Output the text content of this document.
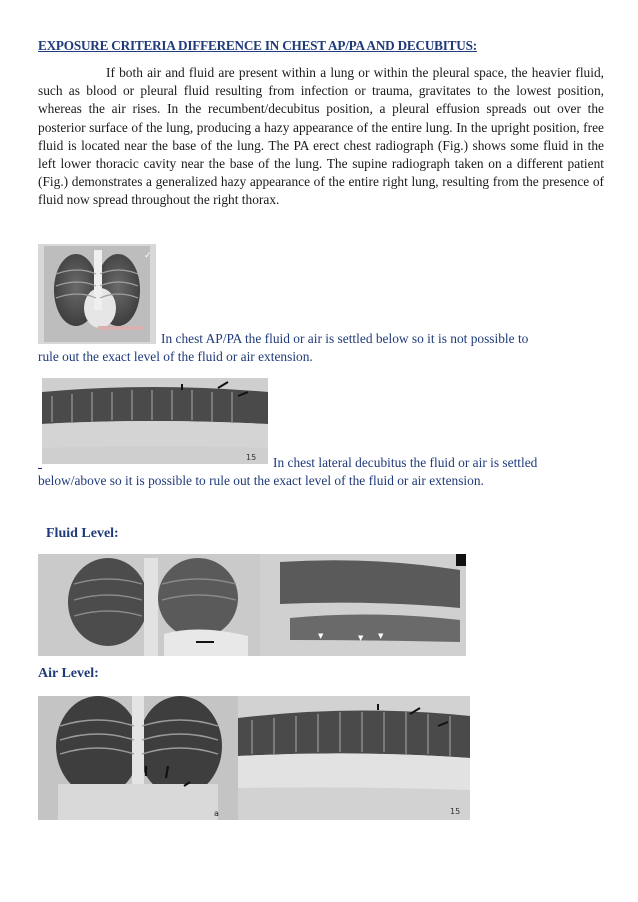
EXPOSURE CRITERIA DIFFERENCE IN CHEST AP/PA AND DECUBITUS:
If both air and fluid are present within a lung or within the pleural space, the heavier fluid, such as blood or pleural fluid resulting from infection or trauma, gravitates to the lowest position, whereas the air rises. In the recumbent/decubitus position, a pleural effusion spreads out over the posterior surface of the lung, producing a hazy appearance of the entire lung. In the upright position, free fluid is located near the base of the lung. The PA erect chest radiograph (Fig.) shows some fluid in the left lower thoracic cavity near the base of the lung. The supine radiograph taken on a different patient (Fig.) demonstrates a generalized hazy appearance of the entire right lung, resulting from the presence of fluid now spread throughout the right thorax.
✓
In chest AP/PA the fluid or air is settled below so it is not possible to
rule out the exact level of the fluid or air extension.
15 In chest lateral decubitus the fluid or air is settled
below/above so it is possible to rule out the exact level of the fluid or air extension.
Fluid Level:
▼	▼ ▼
Air Level:
a	15
